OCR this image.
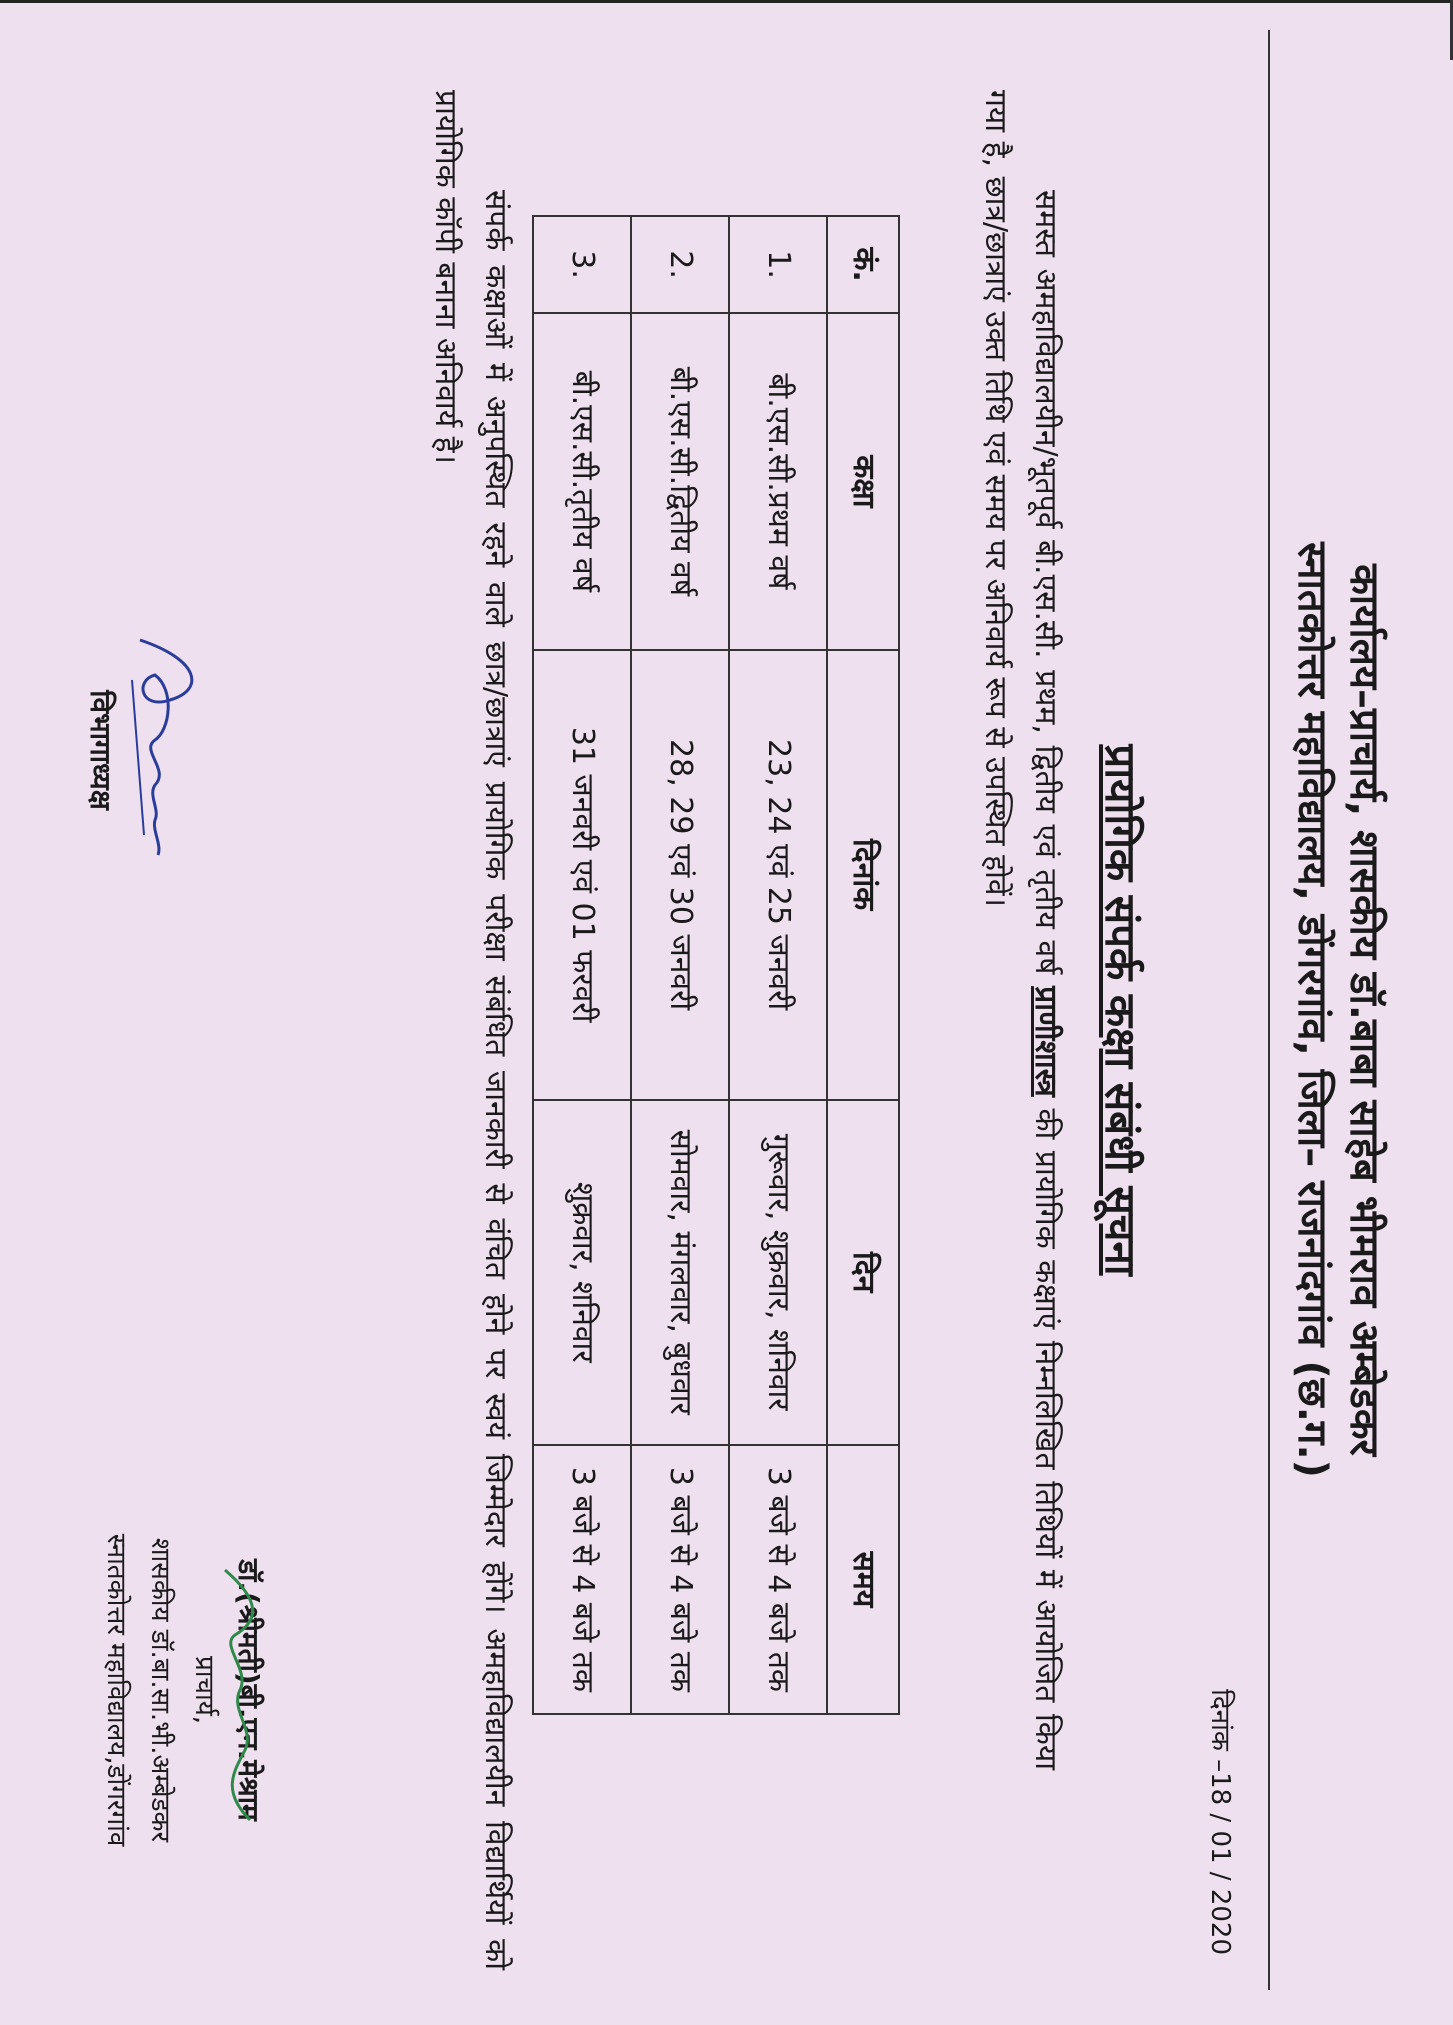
कार्यालय–प्राचार्य, शासकीय डॉ.बाबा साहेब भीमराव अम्बेडकर
स्नातकोत्तर महाविद्यालय, डोंगरगांव, जिला– राजनांदगांव (छ.ग.)
दिनांक –18 / 01 / 2020
प्रायोगिक संपर्क कक्षा संबंधी सूचना
समस्त अमहाविद्यालयीन/भूतपूर्व बी.एस.सी. प्रथम, द्वितीय एवं तृतीय वर्ष प्राणीशास्त्र की प्रायोगिक कक्षाएं निम्नलिखित तिथियों में आयोजित किया गया है, छात्र/छात्राएं उक्त तिथि एवं समय पर अनिवार्य रूप से उपस्थित होवें।
कं.	कक्षा	दिनांक	दिन	समय
1.	बी.एस.सी.प्रथम वर्ष	23, 24 एवं 25 जनवरी	गुरूवार, शुक्रवार, शनिवार	3 बजे से 4 बजे तक
2.	बी.एस.सी.द्वितीय वर्ष	28, 29 एवं 30 जनवरी	सोमवार, मंगलवार, बुधवार	3 बजे से 4 बजे तक
3.	बी.एस.सी.तृतीय वर्ष	31 जनवरी एवं 01 फरवरी	शुक्रवार, शनिवार	3 बजे से 4 बजे तक
संपर्क कक्षाओं में अनुपस्थित रहने वाले छात्र/छात्राएं प्रायोगिक परीक्षा संबंधित जानकारी से वंचित होने पर स्वयं जिम्मेदार होंगे। अमहाविद्यालयीन विद्यार्थियों को प्रायोगिक कॉपी बनाना अनिवार्य है।
विभागाध्यक्ष
डॉ.(श्रीमती)बी.एन.मेश्राम
प्राचार्य,
शासकीय डॉ.बा.सा.भी.अम्बेडकर
स्नातकोत्तर महाविद्यालय,डोंगरगांव
